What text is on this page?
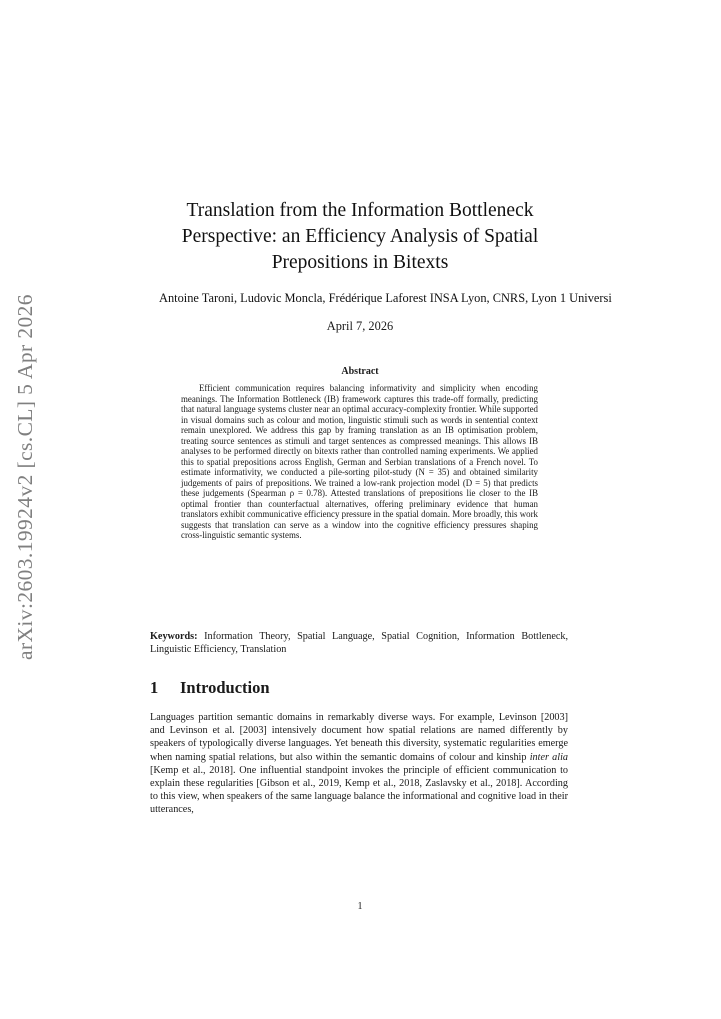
arXiv:2603.19924v2 [cs.CL] 5 Apr 2026
Translation from the Information Bottleneck Perspective: an Efficiency Analysis of Spatial Prepositions in Bitexts
Antoine Taroni, Ludovic Moncla, Frédérique Laforest INSA Lyon, CNRS, Lyon 1 Universi
April 7, 2026
Abstract
Efficient communication requires balancing informativity and simplicity when encoding meanings. The Information Bottleneck (IB) framework captures this trade-off formally, predicting that natural language systems cluster near an optimal accuracy-complexity frontier. While supported in visual domains such as colour and motion, linguistic stimuli such as words in sentential context remain unexplored. We address this gap by framing translation as an IB optimisation problem, treating source sentences as stimuli and target sentences as compressed meanings. This allows IB analyses to be performed directly on bitexts rather than controlled naming experiments. We applied this to spatial prepositions across English, German and Serbian translations of a French novel. To estimate informativity, we conducted a pile-sorting pilot-study (N = 35) and obtained similarity judgements of pairs of prepositions. We trained a low-rank projection model (D = 5) that predicts these judgements (Spearman ρ = 0.78). Attested translations of prepositions lie closer to the IB optimal frontier than counterfactual alternatives, offering preliminary evidence that human translators exhibit communicative efficiency pressure in the spatial domain. More broadly, this work suggests that translation can serve as a window into the cognitive efficiency pressures shaping cross-linguistic semantic systems.
Keywords: Information Theory, Spatial Language, Spatial Cognition, Information Bottleneck, Linguistic Efficiency, Translation
1 Introduction
Languages partition semantic domains in remarkably diverse ways. For example, Levinson [2003] and Levinson et al. [2003] intensively document how spatial relations are named differently by speakers of typologically diverse languages. Yet beneath this diversity, systematic regularities emerge when naming spatial relations, but also within the semantic domains of colour and kinship inter alia [Kemp et al., 2018]. One influential standpoint invokes the principle of efficient communication to explain these regularities [Gibson et al., 2019, Kemp et al., 2018, Zaslavsky et al., 2018]. According to this view, when speakers of the same language balance the informational and cognitive load in their utterances,
1
